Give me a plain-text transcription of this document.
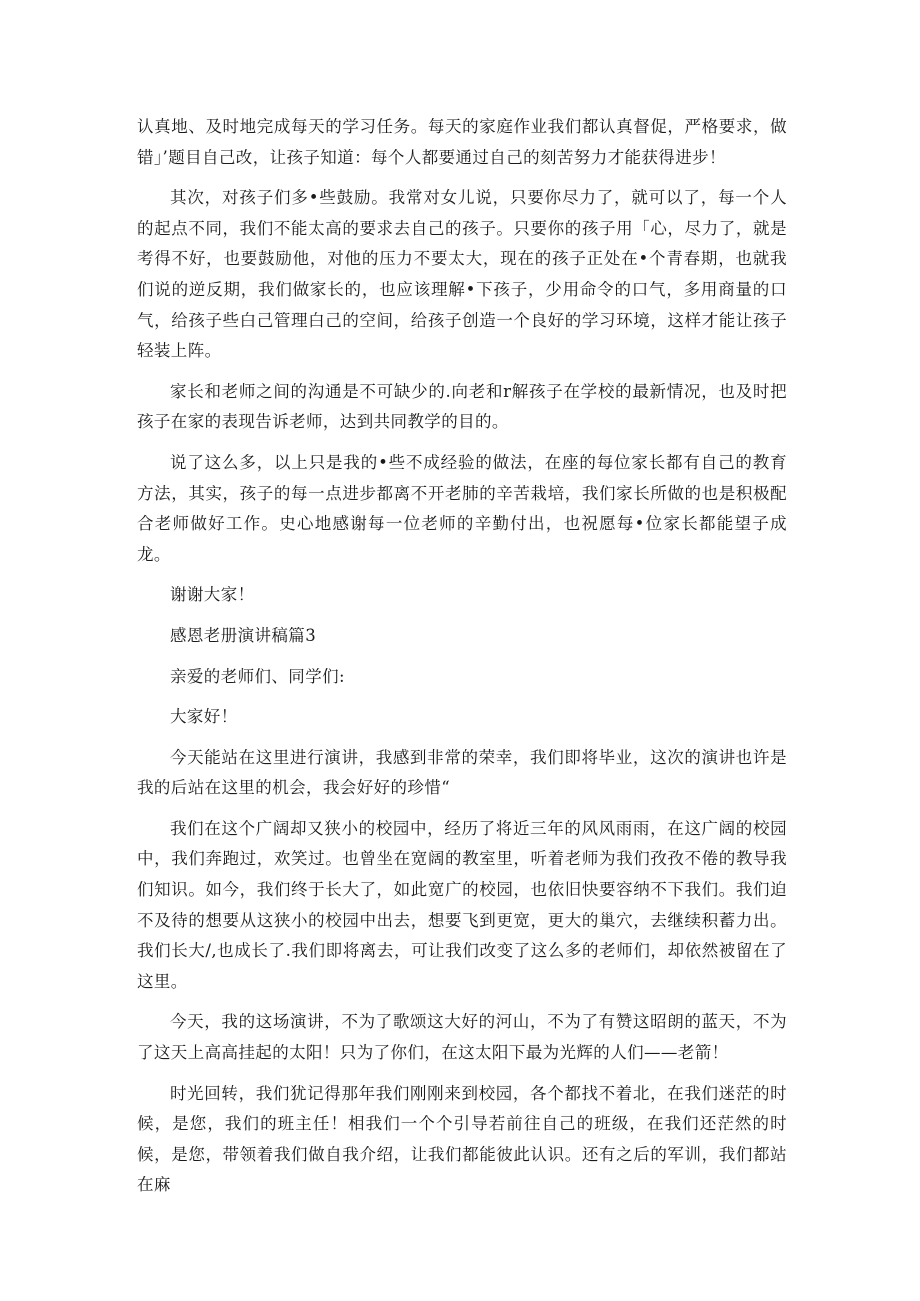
认真地、及时地完成每天的学习任务。每天的家庭作业我们都认真督促，严格要求，做错」’题目自己改，让孩子知道：每个人都要通过自己的刻苦努力才能获得进步！

其次，对孩子们多•些鼓励。我常对女儿说，只要你尽力了，就可以了，每一个人的起点不同，我们不能太高的要求去自己的孩子。只要你的孩子用「心，尽力了，就是考得不好，也要鼓励他，对他的压力不要太大，现在的孩子正处在•个青春期，也就我们说的逆反期，我们做家长的，也应该理解•下孩子，少用命令的口气，多用商量的口气，给孩子些白己管理白己的空间，给孩子创造一个良好的学习环境，这样才能让孩子轻装上阵。

家长和老师之间的沟通是不可缺少的.向老和r解孩子在学校的最新情况，也及时把孩子在家的表现告诉老师，达到共同教学的目的。

说了这么多，以上只是我的•些不成经验的做法，在座的每位家长都有自己的教育方法，其实，孩子的每一点进步都离不开老肺的辛苦栽培，我们家长所做的也是积极配合老师做好工作。史心地感谢每一位老师的辛勤付出，也祝愿每•位家长都能望子成龙。

谢谢大家！

感恩老册演讲稿篇3

亲爱的老师们、同学们:

大家好！

今天能站在这里进行演讲，我感到非常的荣幸，我们即将毕业，这次的演讲也许是我的后站在这里的机会，我会好好的珍惜“

我们在这个广阔却又狭小的校园中，经历了将近三年的风风雨雨，在这广阔的校园中，我们奔跑过，欢笑过。也曾坐在宽阔的教室里，听着老师为我们孜孜不倦的教导我们知识。如今，我们终于长大了，如此宽广的校园，也依旧快要容纳不下我们。我们迫不及待的想要从这狭小的校园中出去，想要飞到更宽，更大的巢穴，去继续积蓄力出。我们长大/,也成长了.我们即将离去，可让我们改变了这么多的老师们，却依然被留在了这里。

今天，我的这场演讲，不为了歌颂这大好的河山，不为了有赞这昭朗的蓝天，不为了这天上高高挂起的太阳！只为了你们，在这太阳下最为光辉的人们——老箭！

时光回转，我们犹记得那年我们刚刚来到校园，各个都找不着北，在我们迷茫的时候，是您，我们的班主任！相我们一个个引导若前往自己的班级，在我们还茫然的时候，是您，带领着我们做自我介绍，让我们都能彼此认识。还有之后的军训，我们都站在麻
